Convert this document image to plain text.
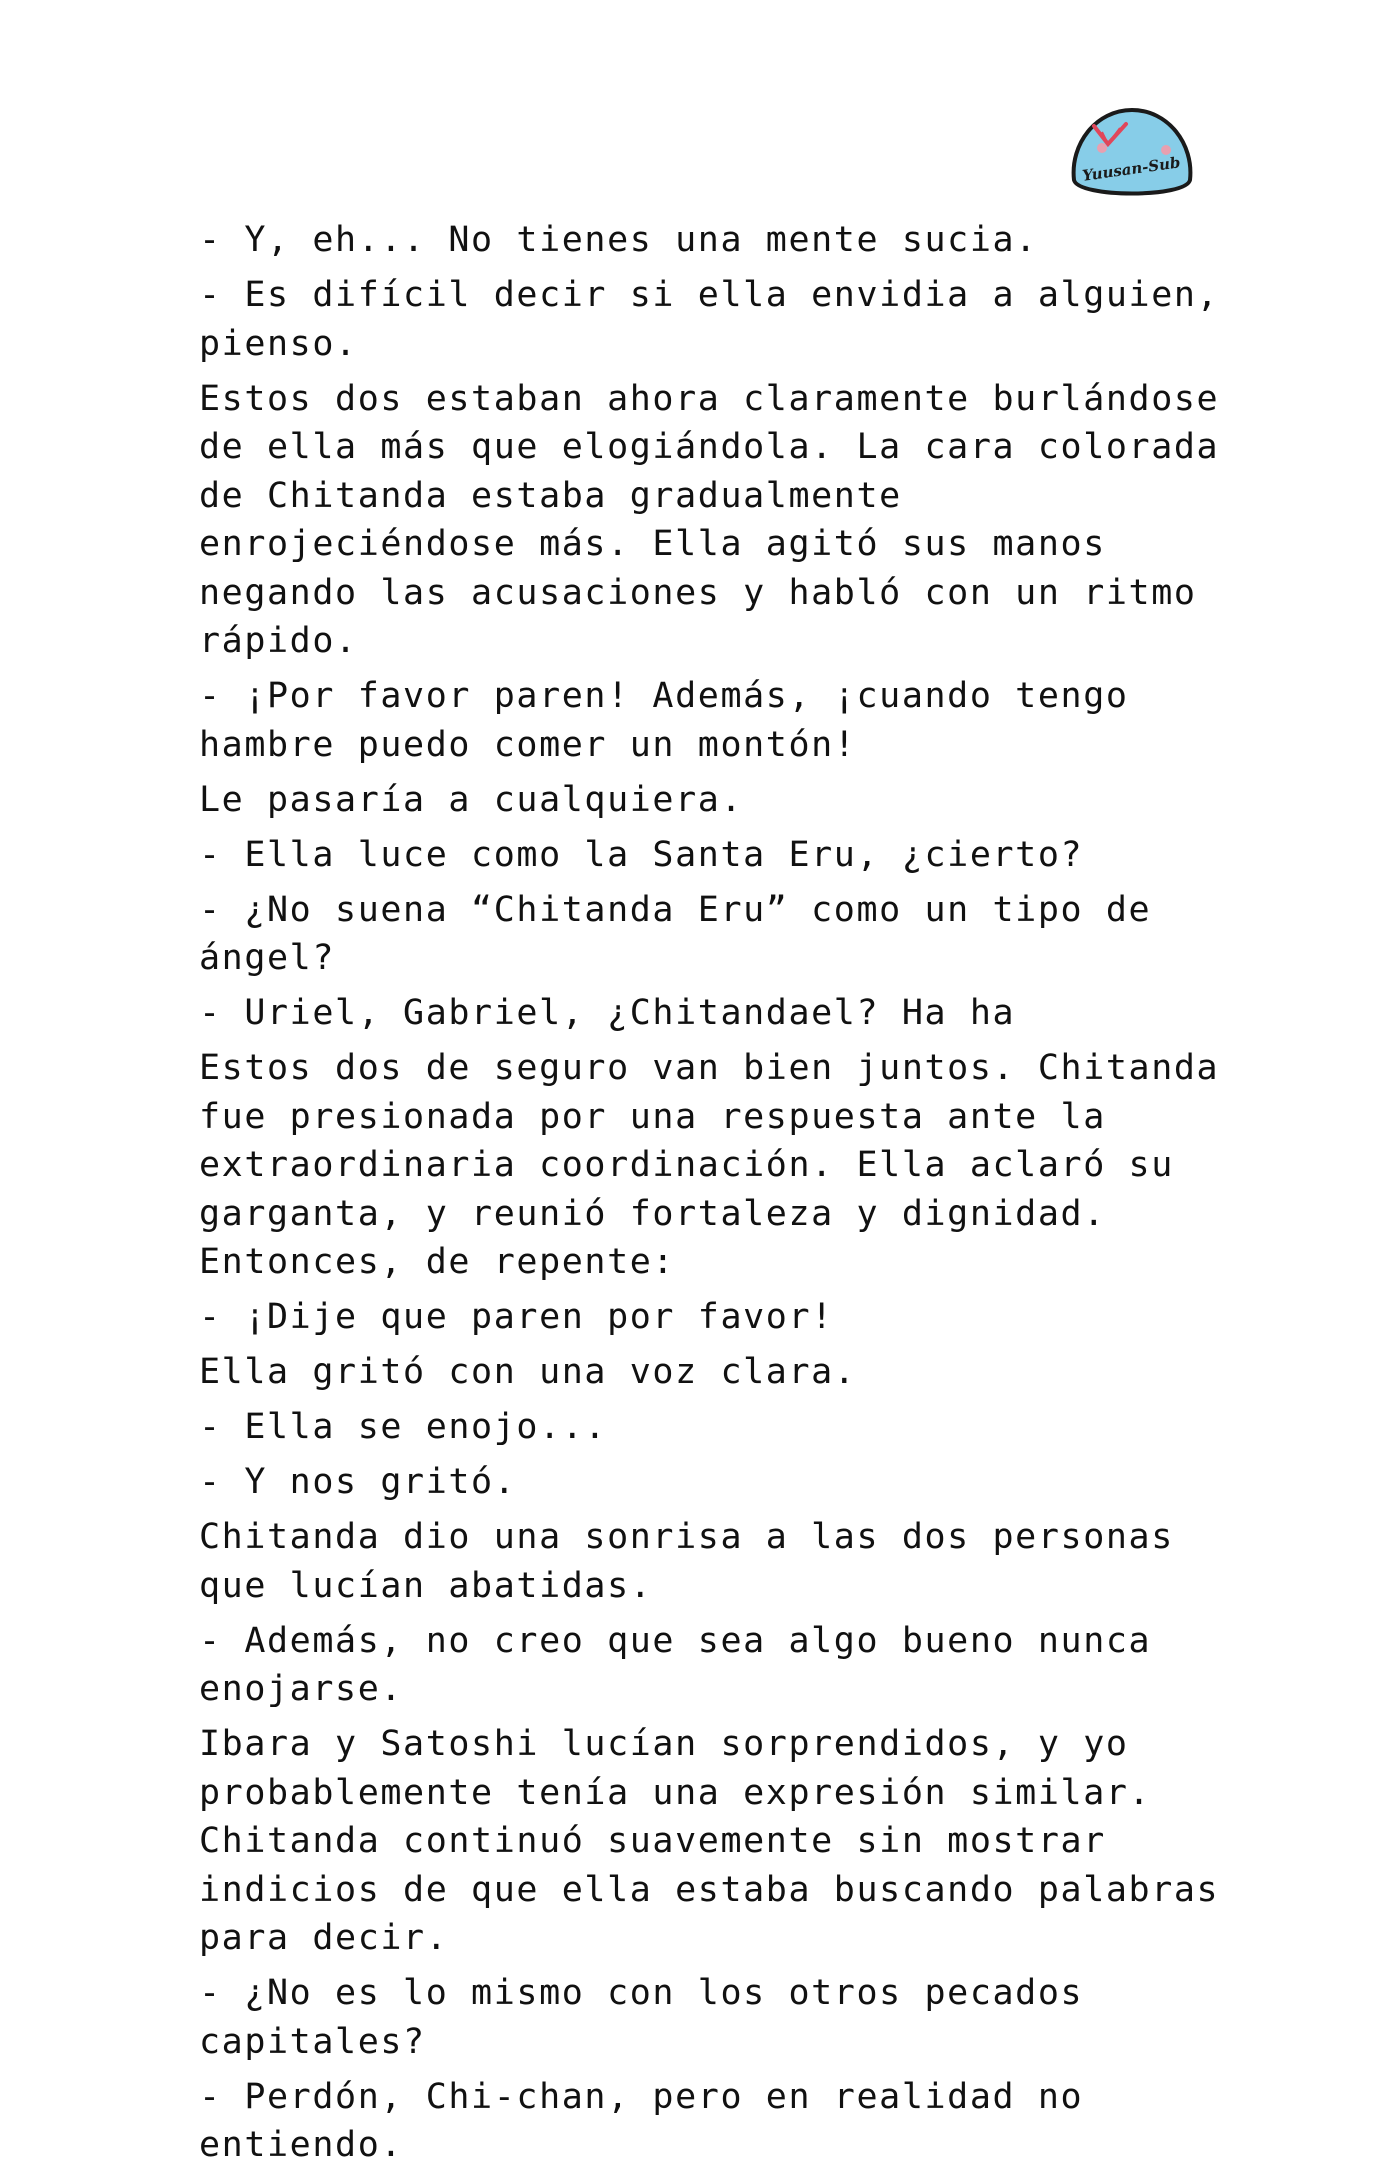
Yuusan-Sub

- Y, eh... No tienes una mente sucia.

- Es difícil decir si ella envidia a alguien, pienso.

Estos dos estaban ahora claramente burlándose de ella más que elogiándola. La cara colorada de Chitanda estaba gradualmente enrojeciéndose más. Ella agitó sus manos negando las acusaciones y habló con un ritmo rápido.

- ¡Por favor paren! Además, ¡cuando tengo hambre puedo comer un montón!

Le pasaría a cualquiera.

- Ella luce como la Santa Eru, ¿cierto?

- ¿No suena “Chitanda Eru” como un tipo de ángel?

- Uriel, Gabriel, ¿Chitandael? Ha ha

Estos dos de seguro van bien juntos. Chitanda fue presionada por una respuesta ante la extraordinaria coordinación. Ella aclaró su garganta, y reunió fortaleza y dignidad. Entonces, de repente:

- ¡Dije que paren por favor!

Ella gritó con una voz clara.

- Ella se enojo...

- Y nos gritó.

Chitanda dio una sonrisa a las dos personas que lucían abatidas.

- Además, no creo que sea algo bueno nunca enojarse.

Ibara y Satoshi lucían sorprendidos, y yo probablemente tenía una expresión similar. Chitanda continuó suavemente sin mostrar indicios de que ella estaba buscando palabras para decir.

- ¿No es lo mismo con los otros pecados capitales?

- Perdón, Chi-chan, pero en realidad no entiendo.
